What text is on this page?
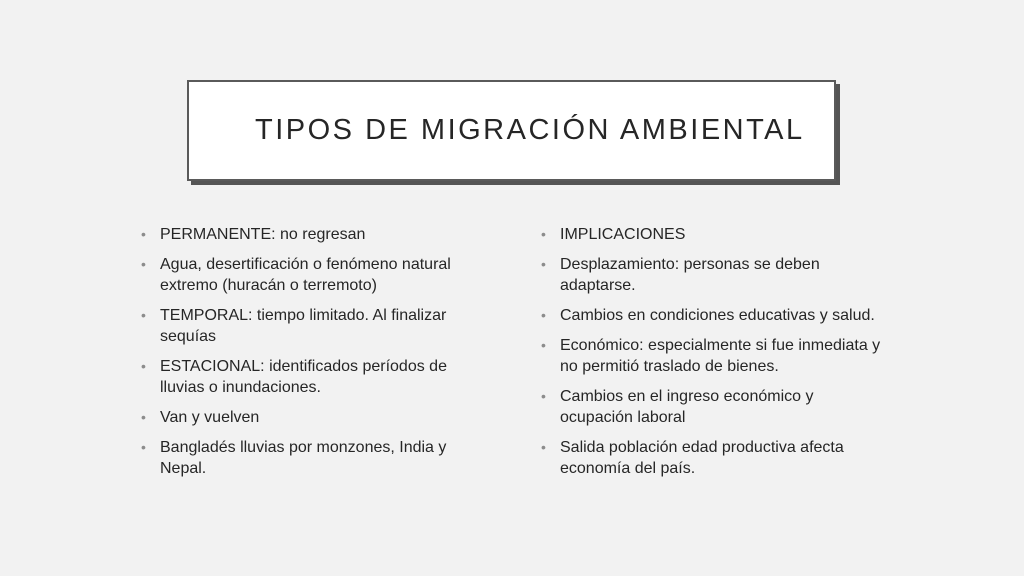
TIPOS DE MIGRACIÓN AMBIENTAL
• PERMANENTE: no regresan
• Agua, desertificación o fenómeno natural extremo (huracán o terremoto)
• TEMPORAL: tiempo limitado. Al finalizar sequías
• ESTACIONAL: identificados períodos de lluvias o inundaciones.
• Van y vuelven
• Bangladés lluvias por monzones, India y Nepal.
• IMPLICACIONES
• Desplazamiento: personas se deben adaptarse.
• Cambios en condiciones educativas y salud.
• Económico: especialmente si fue inmediata y no permitió traslado de bienes.
• Cambios en el ingreso económico y ocupación laboral
• Salida población edad productiva afecta economía del país.
